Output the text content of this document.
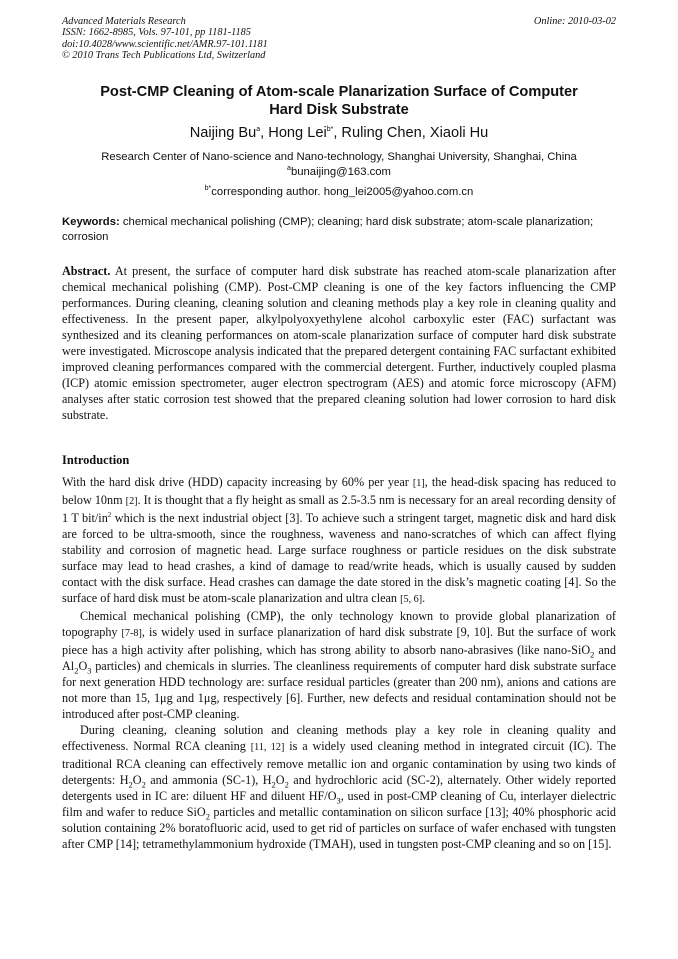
Advanced Materials Research
ISSN: 1662-8985, Vols. 97-101, pp 1181-1185
doi:10.4028/www.scientific.net/AMR.97-101.1181
© 2010 Trans Tech Publications Ltd, Switzerland
Online: 2010-03-02
Post-CMP Cleaning of Atom-scale Planarization Surface of Computer
Hard Disk Substrate
Naijing Bu$^a$, Hong Lei$^{b*}$, Ruling Chen, Xiaoli Hu
Research Center of Nano-science and Nano-technology, Shanghai University, Shanghai, China
$^a$bunaijing@163.com
$^{b*}$corresponding author. hong_lei2005@yahoo.com.cn
Keywords: chemical mechanical polishing (CMP); cleaning; hard disk substrate; atom-scale planarization; corrosion

Abstract. At present, the surface of computer hard disk substrate has reached atom-scale planarization after chemical mechanical polishing (CMP). Post-CMP cleaning is one of the key factors influencing the CMP performances. During cleaning, cleaning solution and cleaning methods play a key role in cleaning quality and effectiveness. In the present paper, alkylpolyoxyethylene alcohol carboxylic ester (FAC) surfactant was synthesized and its cleaning performances on atom-scale planarization surface of computer hard disk substrate were investigated. Microscope analysis indicated that the prepared detergent containing FAC surfactant exhibited improved cleaning performances compared with the commercial detergent. Further, inductively coupled plasma (ICP) atomic emission spectrometer, auger electron spectrogram (AES) and atomic force microscopy (AFM) analyses after static corrosion test showed that the prepared cleaning solution had lower corrosion to hard disk substrate.

Introduction

With the hard disk drive (HDD) capacity increasing by 60% per year [1], the head-disk spacing has reduced to below 10nm [2]. It is thought that a fly height as small as 2.5-3.5 nm is necessary for an areal recording density of 1 T bit/$in^2$ which is the next industrial object [3]. To achieve such a stringent target, magnetic disk and hard disk are forced to be ultra-smooth, since the roughness, waveness and nano-scratches of which can affect flying stability and corrosion of magnetic head. Large surface roughness or particle residues on the disk substrate surface may lead to head crashes, a kind of damage to read/write heads, which is usually caused by sudden contact with the disk surface. Head crashes can damage the date stored in the disk’s magnetic coating [4]. So the surface of hard disk must be atom-scale planarization and ultra clean [5, 6].

Chemical mechanical polishing (CMP), the only technology known to provide global planarization of topography [7-8], is widely used in surface planarization of hard disk substrate [9, 10]. But the surface of work piece has a high activity after polishing, which has strong ability to absorb nano-abrasives (like nano-SiO$_2$ and $Al_2O_3$ particles) and chemicals in slurries. The cleanliness requirements of computer hard disk substrate surface for next generation HDD technology are: surface residual particles (greater than 200 nm), anions and cations are not more than 15, 1μg and 1μg, respectively [6]. Further, new defects and residual contamination should not be introduced after post-CMP cleaning.

During cleaning, cleaning solution and cleaning methods play a key role in cleaning quality and effectiveness. Normal RCA cleaning [11, 12] is a widely used cleaning method in integrated circuit (IC). The traditional RCA cleaning can effectively remove metallic ion and organic contamination by using two kinds of detergents: $H_2O_2$ and ammonia (SC-1), $H_2O_2$ and hydrochloric acid (SC-2), alternately. Other widely reported detergents used in IC are: diluent HF and diluent $HF/O_3$, used in post-CMP cleaning of Cu, interlayer dielectric film and wafer to reduce SiO$_2$ particles and metallic contamination on silicon surface [13]; 40% phosphoric acid solution containing 2% boratofluoric acid, used to get rid of particles on surface of wafer enchased with tungsten after CMP [14]; tetramethylammonium hydroxide (TMAH), used in tungsten post-CMP cleaning and so on [15].
